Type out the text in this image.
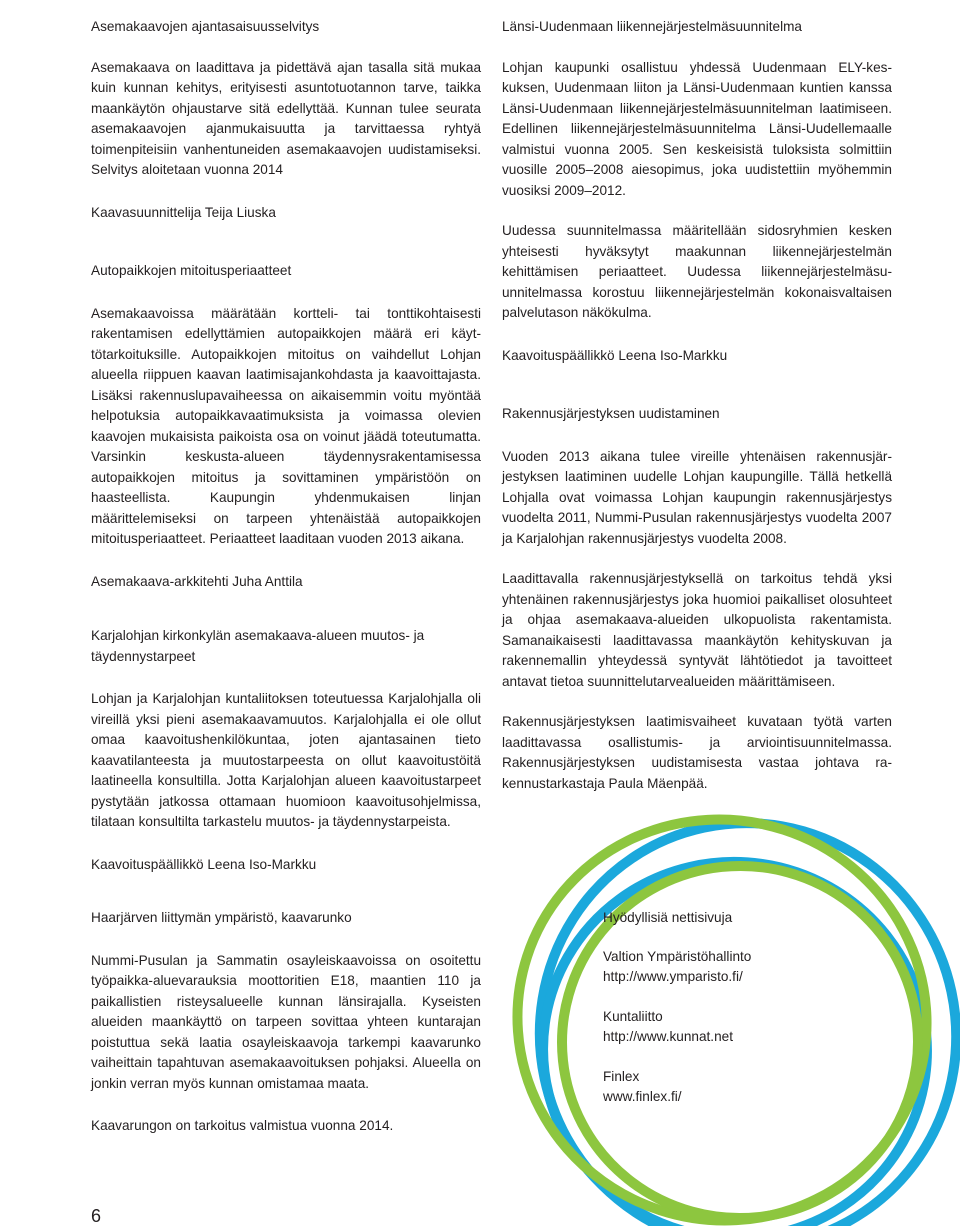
Asemakaavojen ajantasaisuusselvitys

Asemakaava on laadittava ja pidettävä ajan tasalla sitä mukaa kuin kunnan kehitys, erityisesti asuntotuotannon tarve, taikka maankäytön ohjaustarve sitä edellyttää. Kunnan tulee seurata asemakaavojen ajanmukaisuutta ja tarvittaessa ryhtyä toimenpiteisiin vanhentuneiden asemakaavojen uudistamiseksi. Selvitys aloitetaan vuonna 2014

Kaavasuunnittelija Teija Liuska
Autopaikkojen mitoitusperiaatteet

Asemakaavoissa määrätään kortteli- tai tonttikohtaisesti rakentamisen edellyttämien autopaikkojen määrä eri käyttötarkoituksille. Autopaikkojen mitoitus on vaihdellut Lohjan alueella riippuen kaavan laatimisajankohdasta ja kaavoittajasta. Lisäksi rakennuslupavaiheessa on aikaisemmin voitu myöntää helpotuksia autopaikkavaatimuksista ja voimassa olevien kaavojen mukaisista paikoista osa on voinut jäädä toteutumatta. Varsinkin keskusta-alueen täydennysrakentamisessa autopaikkojen mitoitus ja sovittaminen ympäristöön on haasteellista. Kaupungin yhdenmukaisen linjan määrittelemiseksi on tarpeen yhtenäistää autopaikkojen mitoitusperiaatteet. Periaatteet laaditaan vuoden 2013 aikana.

Asemakaava-arkkitehti Juha Anttila
Karjalohjan kirkonkylän asemakaava-alueen muutos- ja täydennystarpeet

Lohjan ja Karjalohjan kuntaliitoksen toteutuessa Karjalohjalla oli vireillä yksi pieni asemakaavamuutos. Karjalohjalla ei ole ollut omaa kaavoitushenkilökuntaa, joten ajantasainen tieto kaavatilanteesta ja muutostarpeesta on ollut kaavoitustöitä laatineella konsultilla. Jotta Karjalohjan alueen kaavoitustarpeet pystytään jatkossa ottamaan huomioon kaavoitusohjelmissa, tilataan konsultilta tarkastelu muutos- ja täydennystarpeista.

Kaavoituspäällikkö Leena Iso-Markku
Länsi-Uudenmaan liikennejärjestelmäsuunnitelma

Lohjan kaupunki osallistuu yhdessä Uudenmaan ELY-keskuksen, Uudenmaan liiton ja Länsi-Uudenmaan kuntien kanssa Länsi-Uudenmaan liikennejärjestelmäsuunnitelman laatimiseen. Edellinen liikennejärjestelmäsuunnitelma Länsi-Uudellemaalle valmistui vuonna 2005. Sen keskeisistä tuloksista solmittiin vuosille 2005–2008 aiesopimus, joka uudistettiin myöhemmin vuosiksi 2009–2012.

Uudessa suunnitelmassa määritellään sidosryhmien kesken yhteisesti hyväksytyt maakunnan liikennejärjestelmän kehittämisen periaatteet. Uudessa liikennejärjestelmäsuunnitelmassa korostuu liikennejärjestelmän kokonaisvaltaisen palvelutason näkökulma.

Kaavoituspäällikkö Leena Iso-Markku
Rakennusjärjestyksen uudistaminen

Vuoden 2013 aikana tulee vireille yhtenäisen rakennusjärjestyksen laatiminen uudelle Lohjan kaupungille. Tällä hetkellä Lohjalla ovat voimassa Lohjan kaupungin rakennusjärjestys vuodelta 2011, Nummi-Pusulan rakennusjärjestys vuodelta 2007 ja Karjalohjan rakennusjärjestys vuodelta 2008.

Laadittavalla rakennusjärjestyksellä on tarkoitus tehdä yksi yhtenäinen rakennusjärjestys joka huomioi paikalliset olosuhteet ja ohjaa asemakaava-alueiden ulkopuolista rakentamista. Samanaikaisesti laadittavassa maankäytön kehityskuvan ja rakennemallin yhteydessä syntyvät lähtötiedot ja tavoitteet antavat tietoa suunnittelutarvealueiden määrittämiseen.

Rakennusjärjestyksen laatimisvaiheet kuvataan työtä varten laadittavassa osallistumis- ja arviointisuunnitelmassa. Rakennusjärjestyksen uudistamisesta vastaa johtava rakennustarkastaja Paula Mäenpää.

Haarjärven liittymän ympäristö, kaavarunko

Nummi-Pusulan ja Sammatin osayleiskaavoissa on osoitettu työpaikka-aluevarauksia moottoritien E18, maantien 110 ja paikallistien risteysalueelle kunnan länsirajalla. Kyseisten alueiden maankäyttö on tarpeen sovittaa yhteen kuntarajan poistuttua sekä laatia osayleiskaavoja tarkempi kaavarunko vaiheittain tapahtuvan asemakaavoituksen pohjaksi. Alueella on jonkin verran myös kunnan omistamaa maata.

Kaavarungon on tarkoitus valmistua vuonna 2014.
Hyödyllisiä nettisivuja
Valtion Ympäristöhallinto
http://www.ymparisto.fi/
Kuntaliitto
http://www.kunnat.net
Finlex
www.finlex.fi/
6
